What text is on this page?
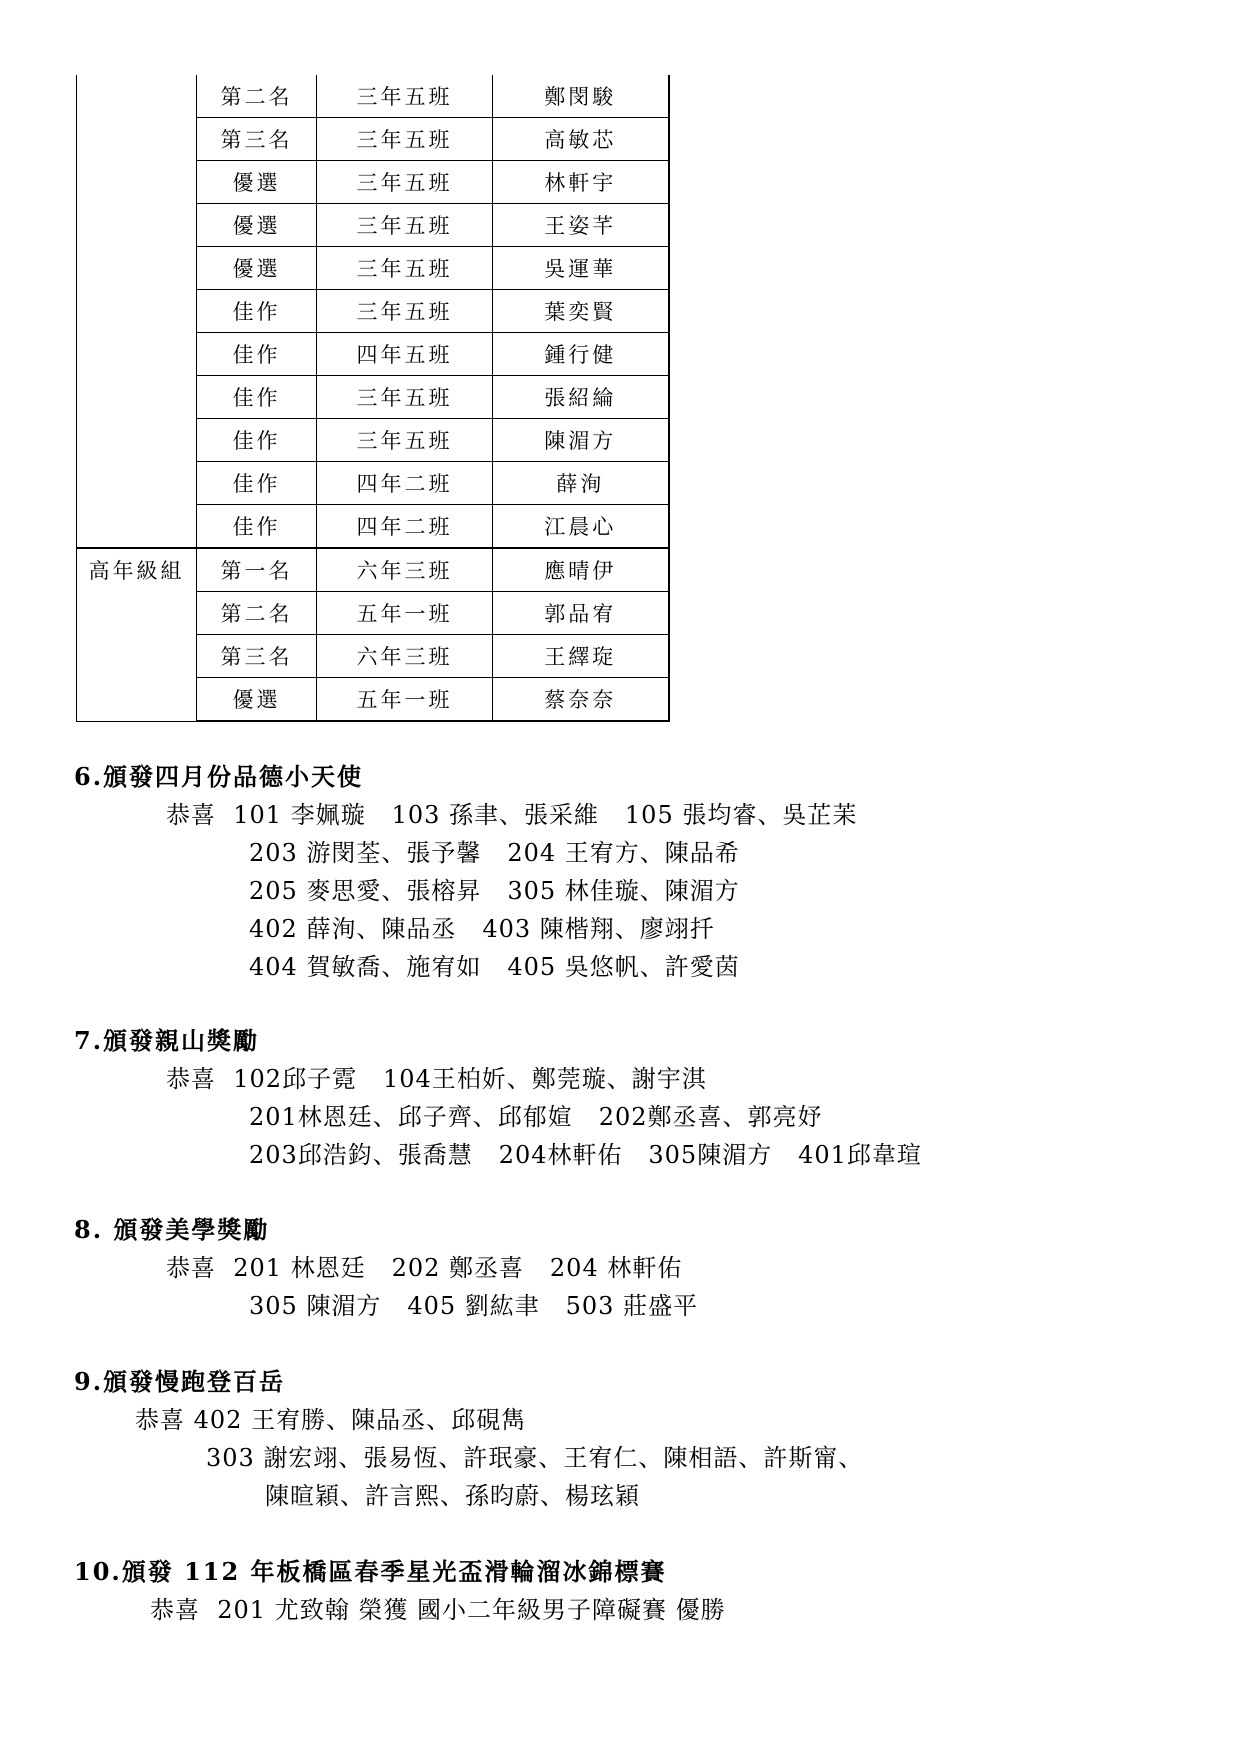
	第二名	三年五班	鄭閔駿
	第三名	三年五班	高敏芯
	優選	三年五班	林軒宇
	優選	三年五班	王姿芊
	優選	三年五班	吳運華
	佳作	三年五班	葉奕賢
	佳作	四年五班	鍾行健
	佳作	三年五班	張紹綸
	佳作	三年五班	陳湄方
	佳作	四年二班	薛洵
	佳作	四年二班	江晨心
高年級組	第一名	六年三班	應晴伊
	第二名	五年一班	郭品宥
	第三名	六年三班	王繹琁
	優選	五年一班	蔡奈奈
6.頒發四月份品德小天使
恭喜 101 李姵璇   103 孫聿、張采維   105 張均睿、吳芷苿
203 游閔荃、張予馨   204 王宥方、陳品希
205 麥思愛、張榕昇   305 林佳璇、陳湄方
402 薛洵、陳品丞   403 陳楷翔、廖翊扦
404 賀敏喬、施宥如   405 吳悠帆、許愛茵
7.頒發親山獎勵
恭喜 102邱子霓   104王柏妡、鄭莞璇、謝宇淇
201林恩廷、邱子齊、邱郁媗   202鄭丞喜、郭亮妤
203邱浩鈞、張喬慧   204林軒佑   305陳湄方   401邱韋瑄
8. 頒發美學獎勵
恭喜 201 林恩廷   202 鄭丞喜   204 林軒佑
305 陳湄方   405 劉紘聿   503 莊盛平
9.頒發慢跑登百岳
恭喜 402 王宥勝、陳品丞、邱硯雋
303 謝宏翊、張易恆、許珉豪、王宥仁、陳相語、許斯甯、
陳暄穎、許言熙、孫昀蔚、楊玹穎
10.頒發 112 年板橋區春季星光盃滑輪溜冰錦標賽
恭喜 201 尤致翰 榮獲 國小二年級男子障礙賽 優勝
